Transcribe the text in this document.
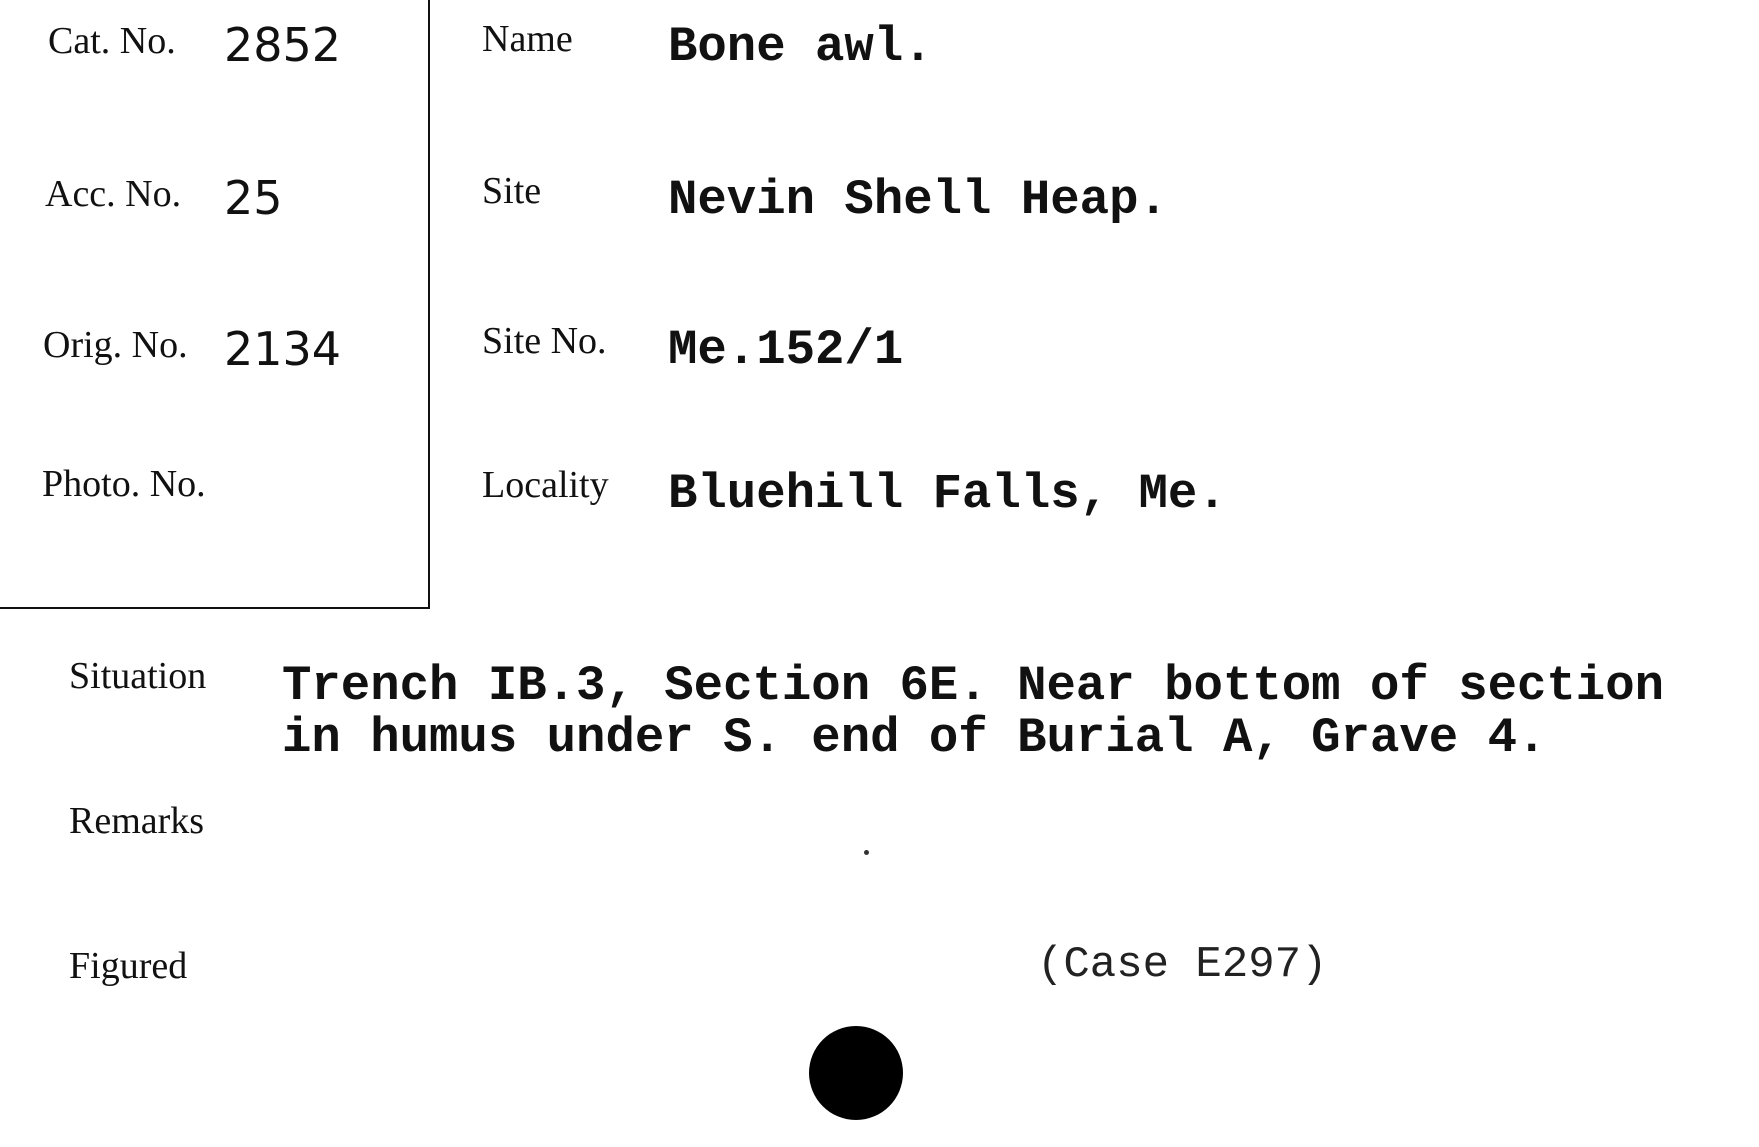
Cat. No. 2852
Acc. No. 25
Orig. No. 2134
Photo. No.
Name Bone awl.
Site	Nevin Shell Heap.
Site No. Me.152/1
Locality Bluehill Falls, Me.
Situation Trench IB.3, Section 6E. Near bottom of section
in humus under S. end of Burial A, Grave 4.
Remarks
Figured	(Case E297)
